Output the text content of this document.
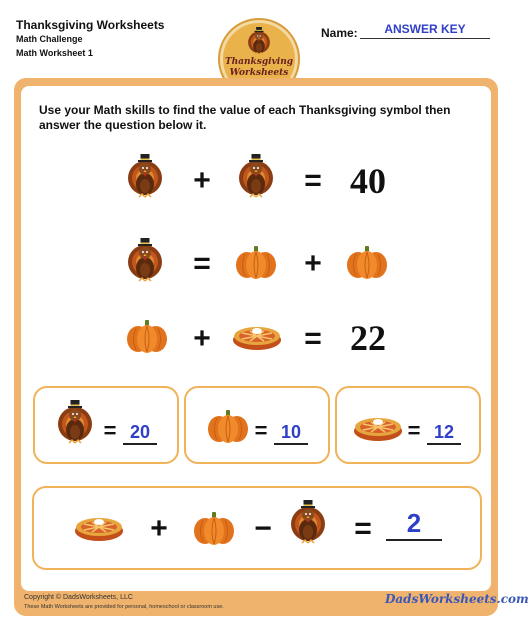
Thanksgiving Worksheets
Math Challenge
Math Worksheet 1
Thanksgiving
Worksheets
Name:	ANSWER KEY
Use your Math skills to find the value of each Thanksgiving symbol then answer the question below it.
+	= 40
=	+
+	= 22
= 20	= 10	= 12
+	−	=	2
Copyright © DadsWorksheets, LLC
These Math Worksheets are provided for personal, homeschool or classroom use.
DadsWorksheets.com
